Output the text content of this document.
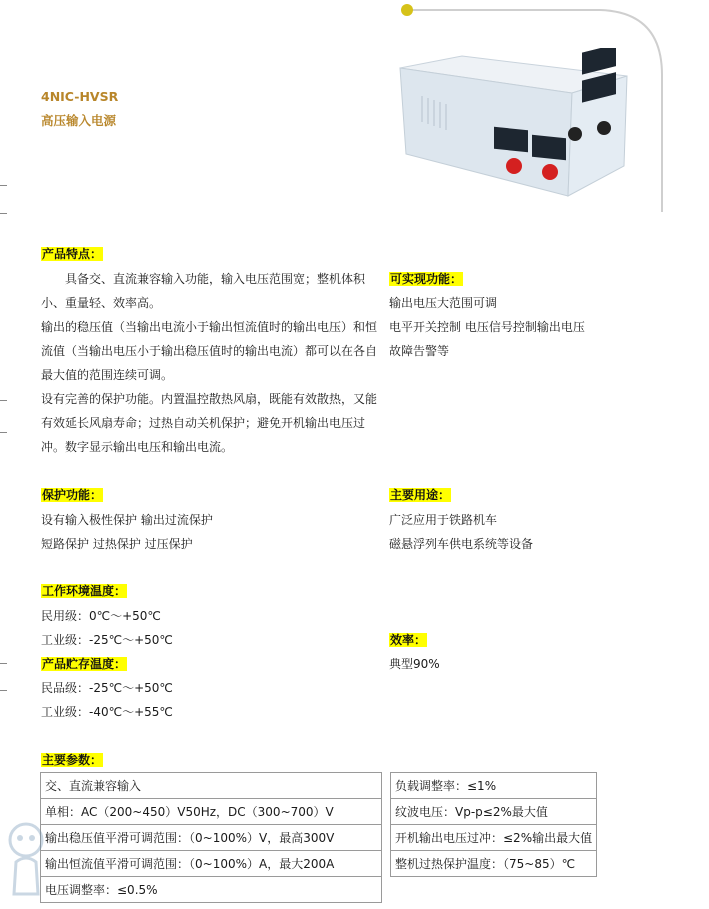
4NIC-HVSR
高压输入电源
产品特点：
具备交、直流兼容输入功能，输入电压范围宽；整机体积
小、重量轻、效率高。
输出的稳压值（当输出电流小于输出恒流值时的输出电压）和恒
流值（当输出电压小于输出稳压值时的输出电流）都可以在各自
最大值的范围连续可调。
设有完善的保护功能。内置温控散热风扇，既能有效散热，又能
有效延长风扇寿命；过热自动关机保护；避免开机输出电压过
冲。数字显示输出电压和输出电流。
可实现功能：
输出电压大范围可调
电平开关控制 电压信号控制输出电压
故障告警等
保护功能：
设有输入极性保护 输出过流保护
短路保护 过热保护 过压保护
主要用途：
广泛应用于铁路机车
磁悬浮列车供电系统等设备
工作环境温度：
民用级：0℃～+50℃
工业级：-25℃～+50℃	效率：
典型90%
产品贮存温度：
民品级：-25℃～+50℃
工业级：-40℃～+55℃
主要参数：
交、直流兼容输入
单相：AC（200~450）V50Hz，DC（300~700）V
输出稳压值平滑可调范围：（0~100%）V，最高300V
输出恒流值平滑可调范围：（0~100%）A，最大200A
电压调整率：≤0.5%
负载调整率：≤1%
纹波电压：Vp-p≤2%最大值
开机输出电压过冲：≤2%输出最大值
整机过热保护温度：（75~85）℃
